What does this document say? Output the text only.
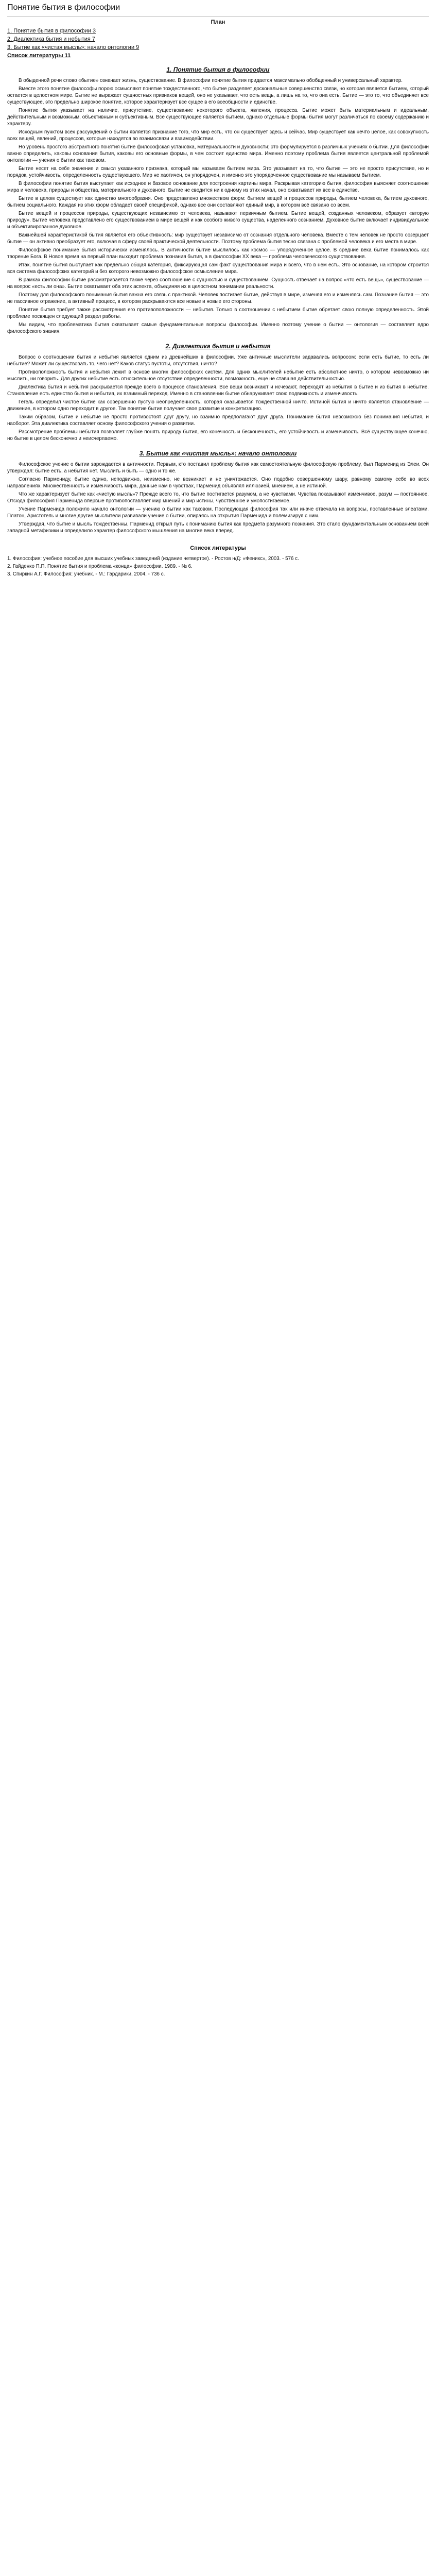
Понятие бытия в философии
План
1. Понятие бытия в философии 3
2. Диалектика бытия и небытия 7
3. Бытие как «чистая мысль»: начало онтологии 9
Список литературы 11
1. Понятие бытия в философии

В обыденной речи слово «бытие» означает жизнь, существование. В философии понятие бытия придается максимально обобщенный и универсальный характер.

Вместе этого понятие философы порою осмысляют понятие тождественного, что бытие разделяет доскональные совершенство связи, но которая является бытием, который остается в целостном мире. Бытие не выражает сущностных признаков вещей, оно не указывает, что есть вещь, а лишь на то, что она есть. Бытие — это то, что объединяет все существующее, это предельно широкое понятие, которое характеризует все сущее в его всеобщности и единстве.

Понятие бытия указывает на наличие, присутствие, существование некоторого объекта, явления, процесса. Бытие может быть материальным и идеальным, действительным и возможным, объективным и субъективным. Все существующее является бытием, однако отдельные формы бытия могут различаться по своему содержанию и характеру.

Исходным пунктом всех рассуждений о бытии является признание того, что мир есть, что он существует здесь и сейчас. Мир существует как нечто целое, как совокупность всех вещей, явлений, процессов, которые находятся во взаимосвязи и взаимодействии.

Но уровень простого абстрактного понятия бытие философская установка, материальности и духовности; это формулируется в различных учениях о бытии. Для философии важно определить, каковы основания бытия, каковы его основные формы, в чем состоит единство мира. Именно поэтому проблема бытия является центральной проблемой онтологии — учения о бытии как таковом.

Бытие несет на себе значение и смысл указанного признака, который мы называем бытием мира. Это указывает на то, что бытие — это не просто присутствие, но и порядок, устойчивость, определенность существующего. Мир не хаотичен, он упорядочен, и именно это упорядоченное существование мы называем бытием.

В философии понятие бытия выступает как исходное и базовое основание для построения картины мира. Раскрывая категорию бытия, философия выясняет соотношение мира и человека, природы и общества, материального и духовного. Бытие не сводится ни к одному из этих начал, оно охватывает их все в единстве.

Бытие в целом существует как единство многообразия. Оно представлено множеством форм: бытием вещей и процессов природы, бытием человека, бытием духовного, бытием социального. Каждая из этих форм обладает своей спецификой, однако все они составляют единый мир, в котором всё связано со всем.

Бытие вещей и процессов природы, существующих независимо от человека, называют первичным бытием. Бытие вещей, созданных человеком, образует «вторую природу». Бытие человека представлено его существованием в мире вещей и как особого живого существа, наделенного сознанием. Духовное бытие включает индивидуальное и объективированное духовное.

Важнейшей характеристикой бытия является его объективность: мир существует независимо от сознания отдельного человека. Вместе с тем человек не просто созерцает бытие — он активно преобразует его, включая в сферу своей практической деятельности. Поэтому проблема бытия тесно связана с проблемой человека и его места в мире.

Философское понимание бытия исторически изменялось. В античности бытие мыслилось как космос — упорядоченное целое. В средние века бытие понималось как творение Бога. В Новое время на первый план выходит проблема познания бытия, а в философии XX века — проблема человеческого существования.

Итак, понятие бытия выступает как предельно общая категория, фиксирующая сам факт существования мира и всего, что в нем есть. Это основание, на котором строится вся система философских категорий и без которого невозможно философское осмысление мира.

В рамках философии бытие рассматривается также через соотношение с сущностью и существованием. Сущность отвечает на вопрос «что есть вещь», существование — на вопрос «есть ли она». Бытие охватывает оба этих аспекта, объединяя их в целостном понимании реальности.

Поэтому для философского понимания бытия важна его связь с практикой. Человек постигает бытие, действуя в мире, изменяя его и изменяясь сам. Познание бытия — это не пассивное отражение, а активный процесс, в котором раскрываются все новые и новые его стороны.

Понятие бытия требует также рассмотрения его противоположности — небытия. Только в соотношении с небытием бытие обретает свою полную определенность. Этой проблеме посвящен следующий раздел работы.

Мы видим, что проблематика бытия охватывает самые фундаментальные вопросы философии. Именно поэтому учение о бытии — онтология — составляет ядро философского знания.

2. Диалектика бытия и небытия

Вопрос о соотношении бытия и небытия является одним из древнейших в философии. Уже античные мыслители задавались вопросом: если есть бытие, то есть ли небытие? Может ли существовать то, чего нет? Каков статус пустоты, отсутствия, ничто?

Противоположность бытия и небытия лежит в основе многих философских систем. Для одних мыслителей небытие есть абсолютное ничто, о котором невозможно ни мыслить, ни говорить. Для других небытие есть относительное отсутствие определенности, возможность, еще не ставшая действительностью.

Диалектика бытия и небытия раскрывается прежде всего в процессе становления. Все вещи возникают и исчезают, переходят из небытия в бытие и из бытия в небытие. Становление есть единство бытия и небытия, их взаимный переход. Именно в становлении бытие обнаруживает свою подвижность и изменчивость.

Гегель определил чистое бытие как совершенно пустую неопределенность, которая оказывается тождественной ничто. Истиной бытия и ничто является становление — движение, в котором одно переходит в другое. Так понятие бытия получает свое развитие и конкретизацию.

Таким образом, бытие и небытие не просто противостоят друг другу, но взаимно предполагают друг друга. Понимание бытия невозможно без понимания небытия, и наоборот. Эта диалектика составляет основу философского учения о развитии.

Рассмотрение проблемы небытия позволяет глубже понять природу бытия, его конечность и бесконечность, его устойчивость и изменчивость. Всё существующее конечно, но бытие в целом бесконечно и неисчерпаемо.

3. Бытие как «чистая мысль»: начало онтологии

Философское учение о бытии зарождается в античности. Первым, кто поставил проблему бытия как самостоятельную философскую проблему, был Парменид из Элеи. Он утверждал: бытие есть, а небытия нет. Мыслить и быть — одно и то же.

Согласно Пармениду, бытие едино, неподвижно, неизменно, не возникает и не уничтожается. Оно подобно совершенному шару, равному самому себе во всех направлениях. Множественность и изменчивость мира, данные нам в чувствах, Парменид объявлял иллюзией, мнением, а не истиной.

Что же характеризует бытие как «чистую мысль»? Прежде всего то, что бытие постигается разумом, а не чувствами. Чувства показывают изменчивое, разум — постоянное. Отсюда философия Парменида впервые противопоставляет мир мнений и мир истины, чувственное и умопостигаемое.

Учение Парменида положило начало онтологии — учению о бытии как таковом. Последующая философия так или иначе отвечала на вопросы, поставленные элеатами. Платон, Аристотель и многие другие мыслители развивали учение о бытии, опираясь на открытия Парменида и полемизируя с ним.

Утверждая, что бытие и мысль тождественны, Парменид открыл путь к пониманию бытия как предмета разумного познания. Это стало фундаментальным основанием всей западной метафизики и определило характер философского мышления на многие века вперед.

Список литературы
1. Философия: учебное пособие для высших учебных заведений (издание четвертое). - Ростов н/Д: «Феникс», 2003. - 576 с.
2. Гайденко П.П. Понятие бытия и проблема «конца» философии. 1989. - № 6.
3. Спиркин А.Г. Философия: учебник. - М.: Гардарики, 2004. - 736 с.
